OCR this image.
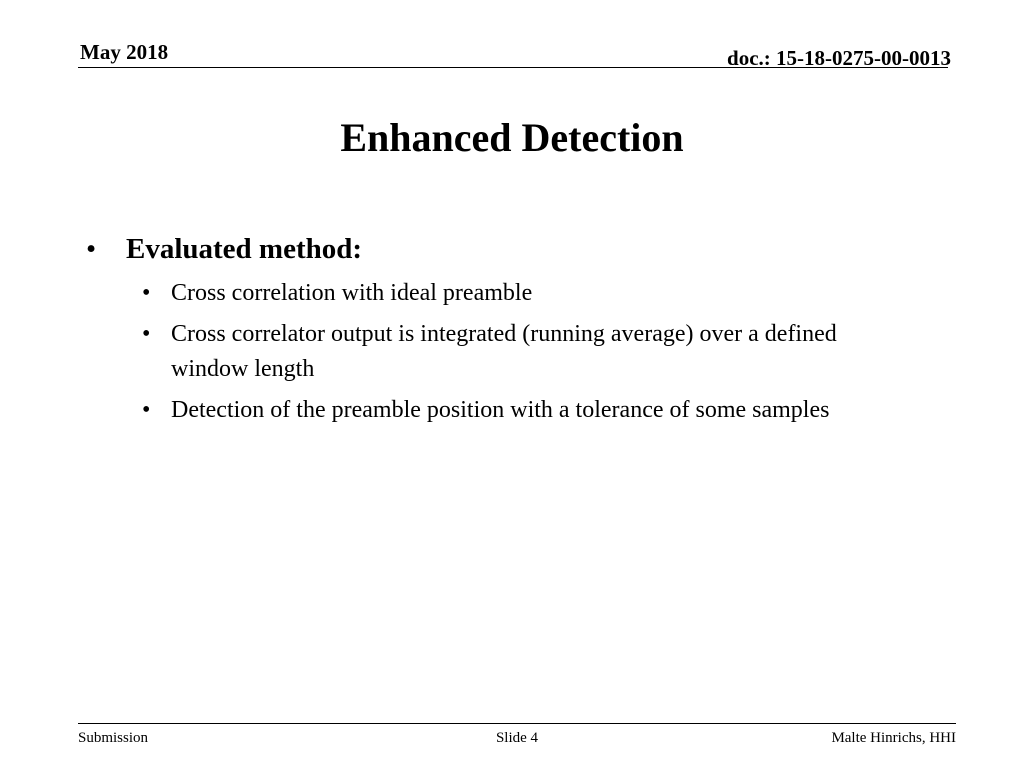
May 2018	doc.: 15-18-0275-00-0013
Enhanced Detection
• Evaluated method:
• Cross correlation with ideal preamble
• Cross correlator output is integrated (running average) over a defined window length
• Detection of the preamble position with a tolerance of some samples
Submission	Slide 4	Malte Hinrichs, HHI
